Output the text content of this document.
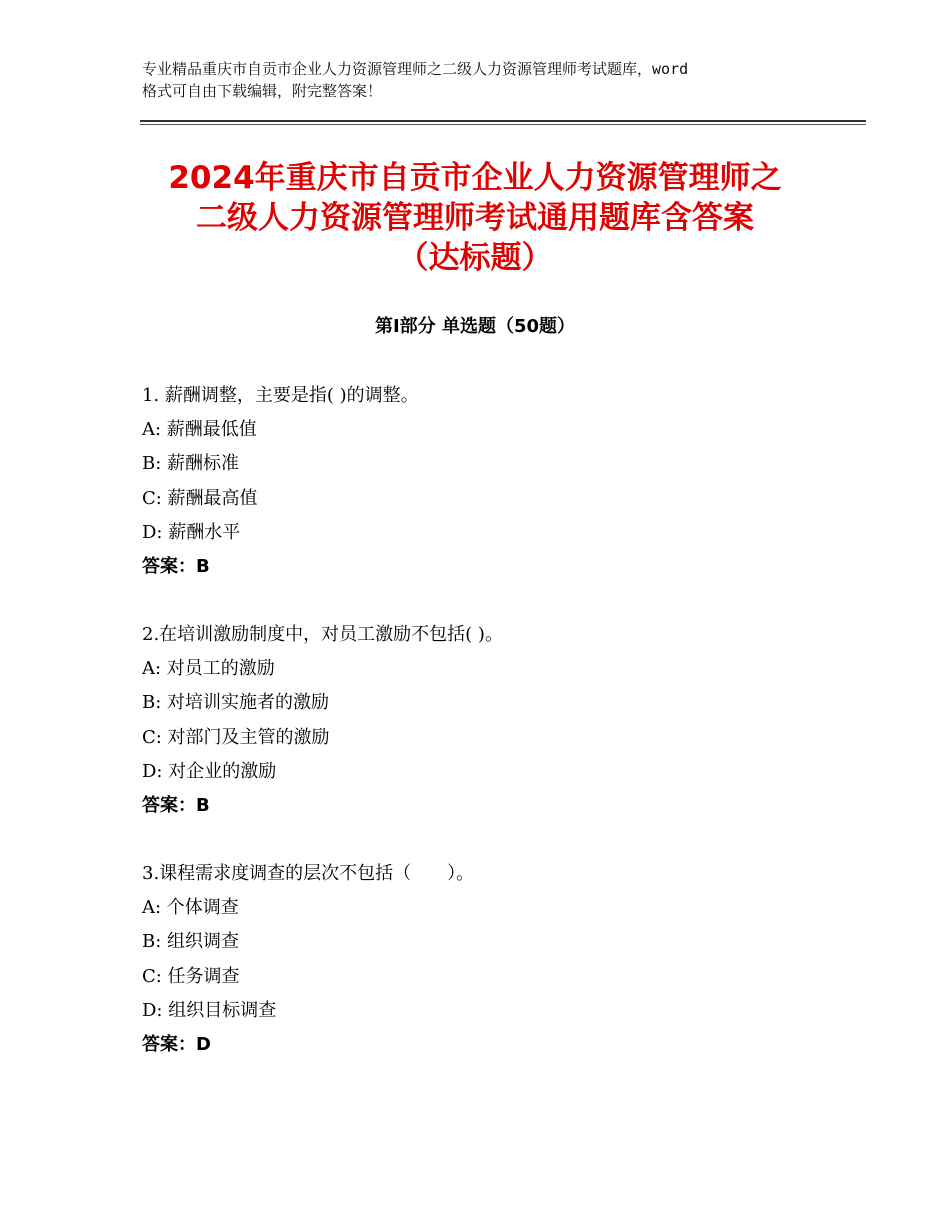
专业精品重庆市自贡市企业人力资源管理师之二级人力资源管理师考试题库，word
格式可自由下载编辑，附完整答案！
2024年重庆市自贡市企业人力资源管理师之
二级人力资源管理师考试通用题库含答案
（达标题）
第Ⅰ部分 单选题（50题）
1. 薪酬调整，主要是指( )的调整。
A: 薪酬最低值
B: 薪酬标准
C: 薪酬最高值
D: 薪酬水平
答案：B
2.在培训激励制度中，对员工激励不包括( )。
A: 对员工的激励
B: 对培训实施者的激励
C: 对部门及主管的激励
D: 对企业的激励
答案：B
3.课程需求度调查的层次不包括（　　）。
A: 个体调查
B: 组织调查
C: 任务调查
D: 组织目标调查
答案：D
